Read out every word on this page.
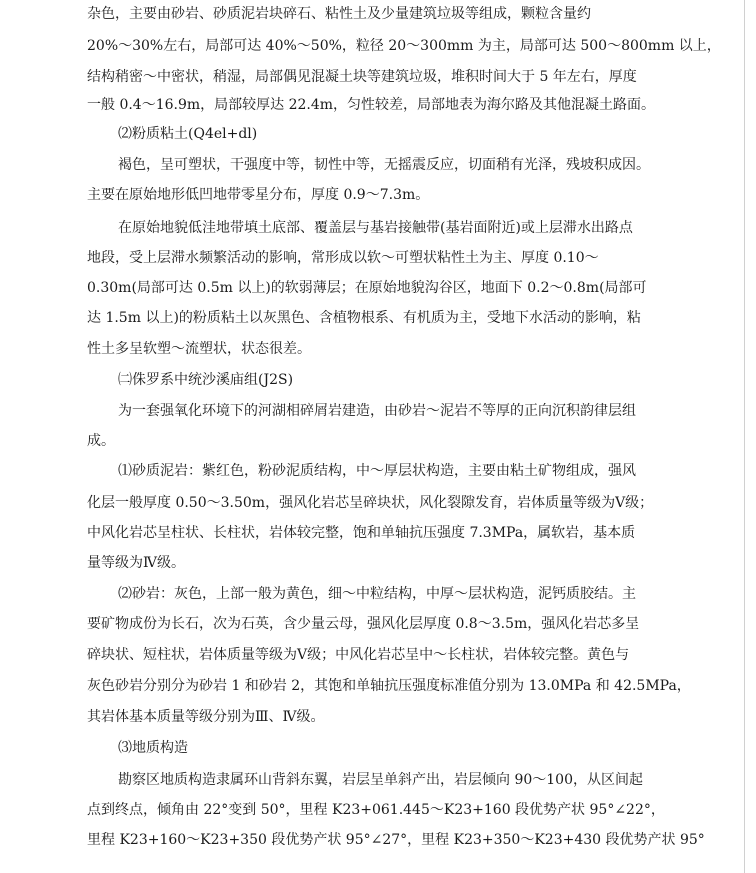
杂色，主要由砂岩、砂质泥岩块碎石、粘性土及少量建筑垃圾等组成，颗粒含量约
20%～30%左右，局部可达 40%～50%，粒径 20～300mm 为主，局部可达 500～800mm 以上，
结构稍密～中密状，稍湿，局部偶见混凝土块等建筑垃圾，堆积时间大于 5 年左右，厚度
一般 0.4～16.9m，局部较厚达 22.4m，匀性较差，局部地表为海尔路及其他混凝土路面。
⑵粉质粘土(Q4el+dl)
褐色，呈可塑状，干强度中等，韧性中等，无摇震反应，切面稍有光泽，残坡积成因。
主要在原始地形低凹地带零星分布，厚度 0.9～7.3m。
在原始地貌低洼地带填土底部、覆盖层与基岩接触带(基岩面附近)或上层滞水出路点
地段，受上层滞水频繁活动的影响，常形成以软～可塑状粘性土为主、厚度 0.10～
0.30m(局部可达 0.5m 以上)的软弱薄层；在原始地貌沟谷区，地面下 0.2～0.8m(局部可
达 1.5m 以上)的粉质粘土以灰黑色、含植物根系、有机质为主，受地下水活动的影响，粘
性土多呈软塑～流塑状，状态很差。
㈡侏罗系中统沙溪庙组(J2S)
为一套强氧化环境下的河湖相碎屑岩建造，由砂岩～泥岩不等厚的正向沉积韵律层组
成。
⑴砂质泥岩：紫红色，粉砂泥质结构，中～厚层状构造，主要由粘土矿物组成，强风
化层一般厚度 0.50～3.50m，强风化岩芯呈碎块状，风化裂隙发育，岩体质量等级为Ⅴ级；
中风化岩芯呈柱状、长柱状，岩体较完整，饱和单轴抗压强度 7.3MPa，属软岩，基本质
量等级为Ⅳ级。
⑵砂岩：灰色，上部一般为黄色，细～中粒结构，中厚～层状构造，泥钙质胶结。主
要矿物成份为长石，次为石英，含少量云母，强风化层厚度 0.8～3.5m，强风化岩芯多呈
碎块状、短柱状，岩体质量等级为Ⅴ级；中风化岩芯呈中～长柱状，岩体较完整。黄色与
灰色砂岩分别分为砂岩 1 和砂岩 2，其饱和单轴抗压强度标准值分别为 13.0MPa 和 42.5MPa，
其岩体基本质量等级分别为Ⅲ、Ⅳ级。
⑶地质构造
勘察区地质构造隶属环山背斜东翼，岩层呈单斜产出，岩层倾向 90～100，从区间起
点到终点，倾角由 22°变到 50°，里程 K23+061.445～K23+160 段优势产状 95°∠22°，
里程 K23+160～K23+350 段优势产状 95°∠27°，里程 K23+350～K23+430 段优势产状 95°
